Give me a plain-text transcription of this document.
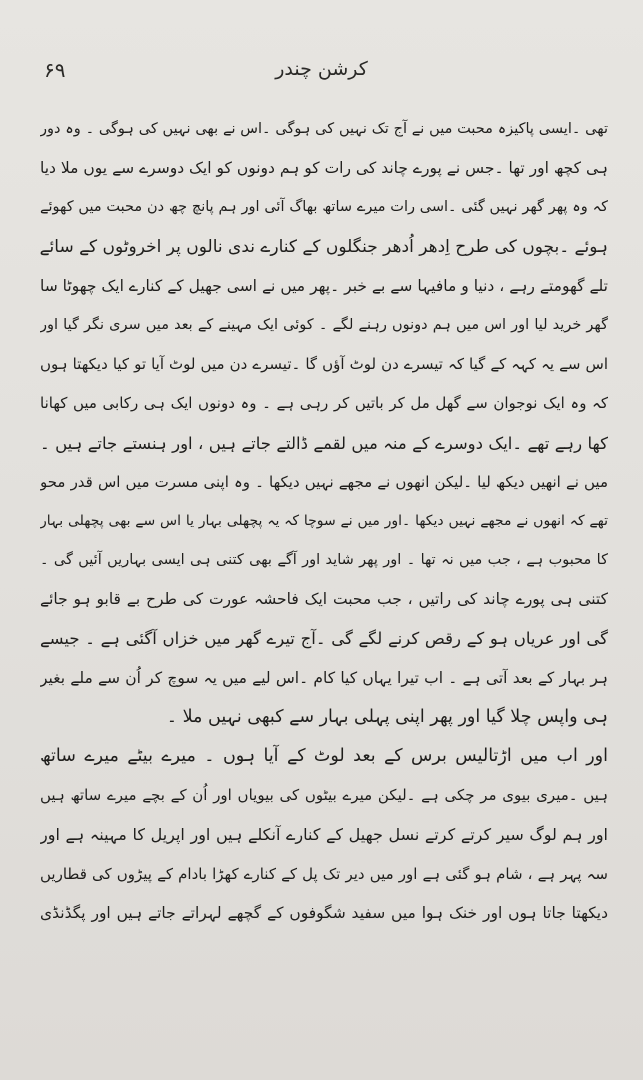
۶۹	کرشن چندر
تھی ۔ایسی پاکیزہ محبت میں نے آج تک نہیں کی ہوگی ۔اس نے بھی نہیں کی ہوگی ۔ وہ دور
ہی کچھ اور تھا ۔جس نے پورے چاند کی رات کو ہم دونوں کو ایک دوسرے سے یوں ملا دیا
کہ وہ پھر گھر نہیں گئی ۔اسی رات میرے ساتھ بھاگ آئی اور ہم پانچ چھ دن محبت میں کھوئے
ہوئے ۔بچوں کی طرح اِدھر اُدھر جنگلوں کے کنارے ندی نالوں پر اخروٹوں کے سائے
تلے گھومتے رہے ، دنیا و مافیہا سے بے خبر ۔پھر میں نے اسی جھیل کے کنارے ایک چھوٹا سا
گھر خرید لیا اور اس میں ہم دونوں رہنے لگے ۔ کوئی ایک مہینے کے بعد میں سری نگر گیا اور
اس سے یہ کہہ کے گیا کہ تیسرے دن لوٹ آؤں گا ۔تیسرے دن میں لوٹ آیا تو کیا دیکھتا ہوں
کہ وہ ایک نوجوان سے گھل مل کر باتیں کر رہی ہے ۔ وہ دونوں ایک ہی رکابی میں کھانا
کھا رہے تھے ۔ایک دوسرے کے منہ میں لقمے ڈالتے جاتے ہیں ، اور ہنستے جاتے ہیں ۔
میں نے انھیں دیکھ لیا ۔لیکن انھوں نے مجھے نہیں دیکھا ۔ وہ اپنی مسرت میں اس قدر محو
تھے کہ انھوں نے مجھے نہیں دیکھا ۔اور میں نے سوچا کہ یہ پچھلی بہار یا اس سے بھی پچھلی بہار
کا محبوب ہے ، جب میں نہ تھا ۔ اور پھر شاید اور آگے بھی کتنی ہی ایسی بہاریں آئیں گی ۔
کتنی ہی پورے چاند کی راتیں ، جب محبت ایک فاحشہ عورت کی طرح بے قابو ہو جائے
گی اور عریاں ہو کے رقص کرنے لگے گی ۔آج تیرے گھر میں خزاں آگئی ہے ۔ جیسے
ہر بہار کے بعد آتی ہے ۔ اب تیرا یہاں کیا کام ۔اس لیے میں یہ سوچ کر اُن سے ملے بغیر
ہی واپس چلا گیا اور پھر اپنی پہلی بہار سے کبھی نہیں ملا ۔
اور اب میں اڑتالیس برس کے بعد لوٹ کے آیا ہوں ۔ میرے بیٹے میرے ساتھ
ہیں ۔میری بیوی مر چکی ہے ۔لیکن میرے بیٹوں کی بیویاں اور اُن کے بچے میرے ساتھ ہیں
اور ہم لوگ سیر کرتے کرتے نسل جھیل کے کنارے آنکلے ہیں اور اپریل کا مہینہ ہے اور
سہ پہر ہے ، شام ہو گئی ہے اور میں دیر تک پل کے کنارے کھڑا بادام کے پیڑوں کی قطاریں
دیکھتا جاتا ہوں اور خنک ہوا میں سفید شگوفوں کے گچھے لہراتے جاتے ہیں اور پگڈنڈی
